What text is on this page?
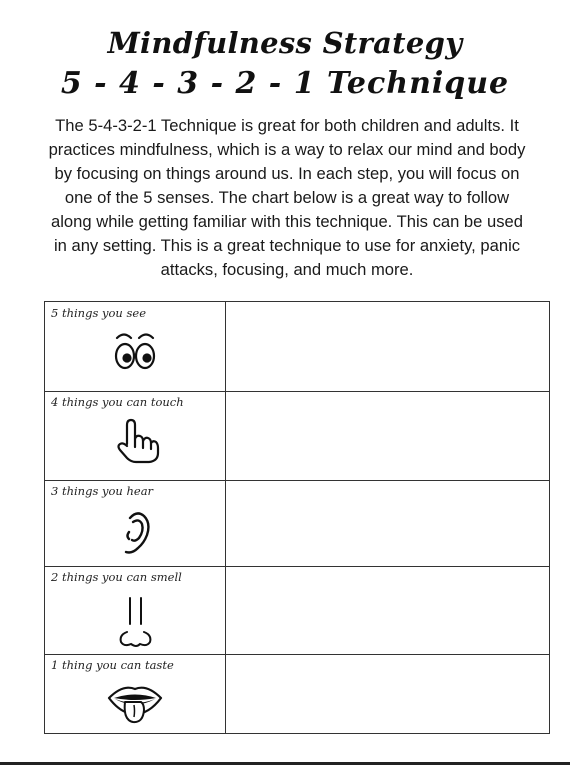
Mindfulness Strategy
5 - 4 - 3 - 2 - 1 Technique

The 5-4-3-2-1 Technique is great for both children and adults. It practices mindfulness, which is a way to relax our mind and body by focusing on things around us. In each step, you will focus on one of the 5 senses. The chart below is a great way to follow along while getting familiar with this technique. This can be used in any setting. This is a great technique to use for anxiety, panic attacks, focusing, and much more.

5 things you see
4 things you can touch
3 things you hear
2 things you can smell
1 thing you can taste
